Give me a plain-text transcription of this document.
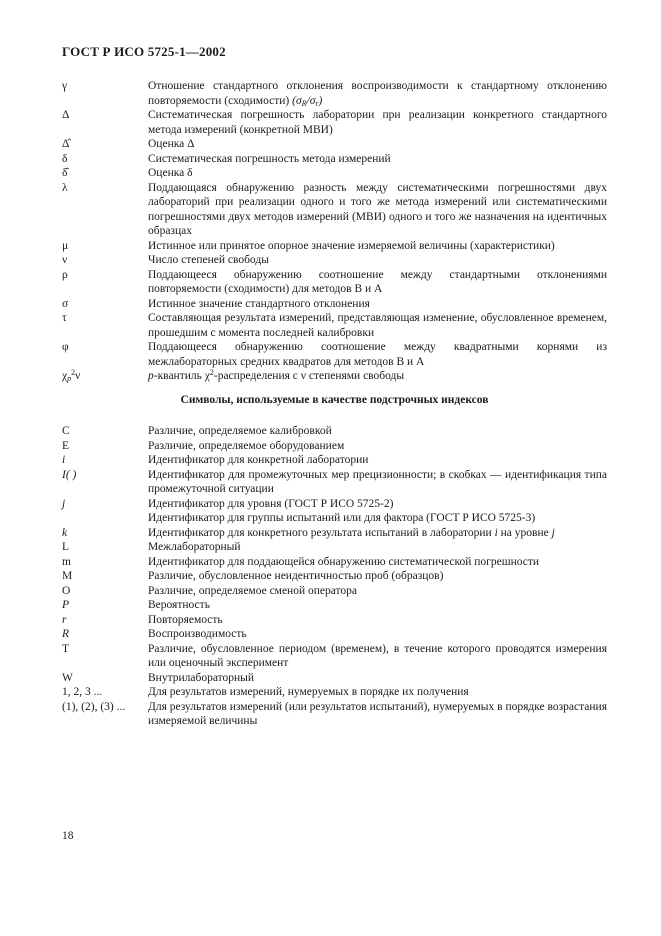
ГОСТ Р ИСО 5725-1—2002
γ	Отношение стандартного отклонения воспроизводимости к стандартному отклонению повторяемости (сходимости) $(\sigma_R/\sigma_r)$
Δ	Систематическая погрешность лаборатории при реализации конкретного стандартного метода измерений (конкретной МВИ)
Δ̂	Оценка Δ
δ	Систематическая погрешность метода измерений
δ̂	Оценка δ
λ	Поддающаяся обнаружению разность между систематическими погрешностями двух лабораторий при реализации одного и того же метода измерений или систематическими погрешностями двух методов измерений (МВИ) одного и того же назначения на идентичных образцах
μ	Истинное или принятое опорное значение измеряемой величины (характеристики)
ν	Число степеней свободы
ρ	Поддающееся обнаружению соотношение между стандартными отклонениями повторяемости (сходимости) для методов B и A
σ	Истинное значение стандартного отклонения
τ	Составляющая результата измерений, представляющая изменение, обусловленное временем, прошедшим с момента последней калибровки
φ	Поддающееся обнаружению соотношение между квадратными корнями из межлабораторных средних квадратов для методов B и A
$\chi_p^2\nu$	p-квантиль $\chi^2$-распределения с ν степенями свободы
Символы, используемые в качестве подстрочных индексов
C	Различие, определяемое калибровкой
E	Различие, определяемое оборудованием
i	Идентификатор для конкретной лаборатории
I( )	Идентификатор для промежуточных мер прецизионности; в скобках — идентификация типа промежуточной ситуации
j	Идентификатор для уровня (ГОСТ Р ИСО 5725-2)
Идентификатор для группы испытаний или для фактора (ГОСТ Р ИСО 5725-3)
k	Идентификатор для конкретного результата испытаний в лаборатории i на уровне j
L	Межлабораторный
m	Идентификатор для поддающейся обнаружению систематической погрешности
M	Различие, обусловленное неидентичностью проб (образцов)
O	Различие, определяемое сменой оператора
P	Вероятность
r	Повторяемость
R	Воспроизводимость
T	Различие, обусловленное периодом (временем), в течение которого проводятся измерения или оценочный эксперимент
W	Внутрилабораторный
1, 2, 3 ...	Для результатов измерений, нумеруемых в порядке их получения
(1), (2), (3) ...	Для результатов измерений (или результатов испытаний), нумеруемых в порядке возрастания измеряемой величины
18
